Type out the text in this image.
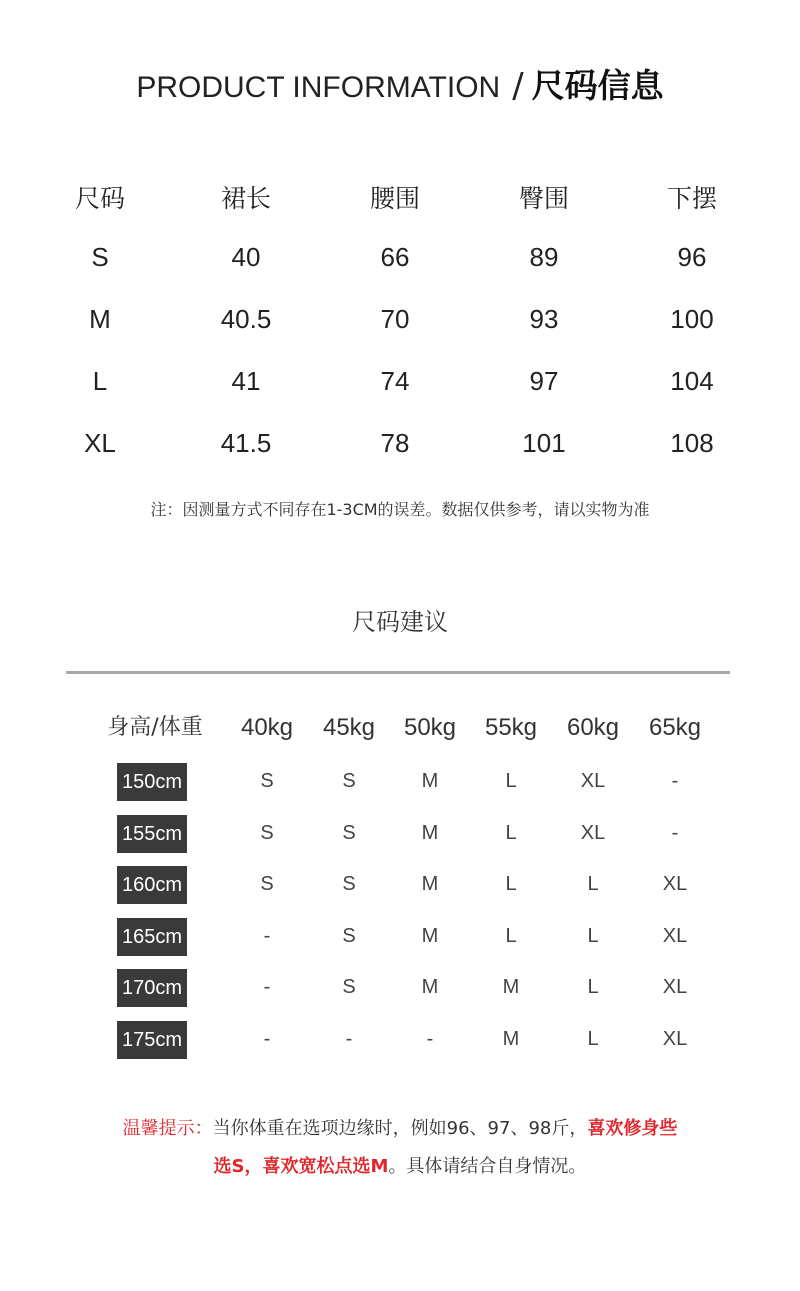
PRODUCT INFORMATION / 尺码信息
尺码	裙长	腰围	臀围	下摆
S	40	66	89	96
M	40.5	70	93	100
L	41	74	97	104
XL	41.5	78	101	108
注：因测量方式不同存在1-3CM的误差。数据仅供参考，请以实物为准
尺码建议
身高/体重	40kg	45kg	50kg	55kg	60kg	65kg
150cm	S	S	M	L	XL	-
155cm	S	S	M	L	XL	-
160cm	S	S	M	L	L	XL
165cm	-	S	M	L	L	XL
170cm	-	S	M	M	L	XL
175cm	-	-	-	M	L	XL
温馨提示：当你体重在选项边缘时，例如96、97、98斤，喜欢修身些
选S，喜欢宽松点选M。具体请结合自身情况。
